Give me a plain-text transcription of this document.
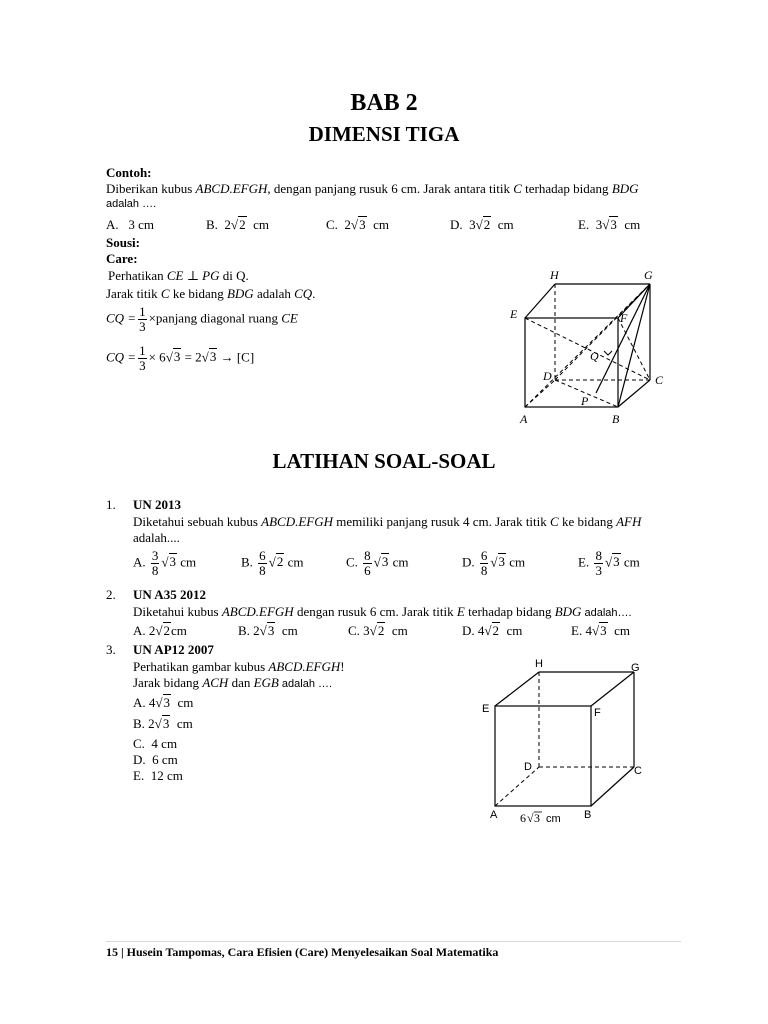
BAB 2
DIMENSI TIGA
Contoh:
Diberikan kubus ABCD.EFGH, dengan panjang rusuk 6 cm. Jarak antara titik C terhadap bidang BDG
adalah ….
A. 3 cm	B. 2√2 cm	C. 2√3 cm	D. 3√2 cm	E. 3√3 cm
Sousi:
Care:
Perhatikan CE ⊥ PG di Q.
Jarak titik C ke bidang BDG adalah CQ.
CQ = $\frac{1}{3}$ ×panjang diagonal ruang CE
CQ = $\frac{1}{3} \times 6√3 = 2√3 \to [C]$
H	G
E	F
Q
D	C
P
A	B
LATIHAN SOAL-SOAL
1. UN 2013
Diketahui sebuah kubus ABCD.EFGH memiliki panjang rusuk 4 cm. Jarak titik C ke bidang AFH
adalah....
A. $\frac{3}{8} √3$ cm	B. $\frac{6}{8} √2$ cm	C. $\frac{8}{6} √3$ cm	D. $\frac{6}{8} √3$ cm	E. $\frac{8}{3} √3$ cm
2. UN A35 2012
Diketahui kubus ABCD.EFGH dengan rusuk 6 cm. Jarak titik E terhadap bidang BDG adalah….
A. 2√2cm	B. 2√3 cm	C. 3√2 cm	D. 4√2 cm	E. 4√3 cm
3. UN AP12 2007
Perhatikan gambar kubus ABCD.EFGH!
Jarak bidang ACH dan EGB adalah ….
A. 4√3 cm
B. 2√3 cm
C. 4 cm
D. 6 cm
E. 12 cm
H	G
E	F
D	C
A	B
6 √ 3 cm
15 | Husein Tampomas, Cara Efisien (Care) Menyelesaikan Soal Matematika
